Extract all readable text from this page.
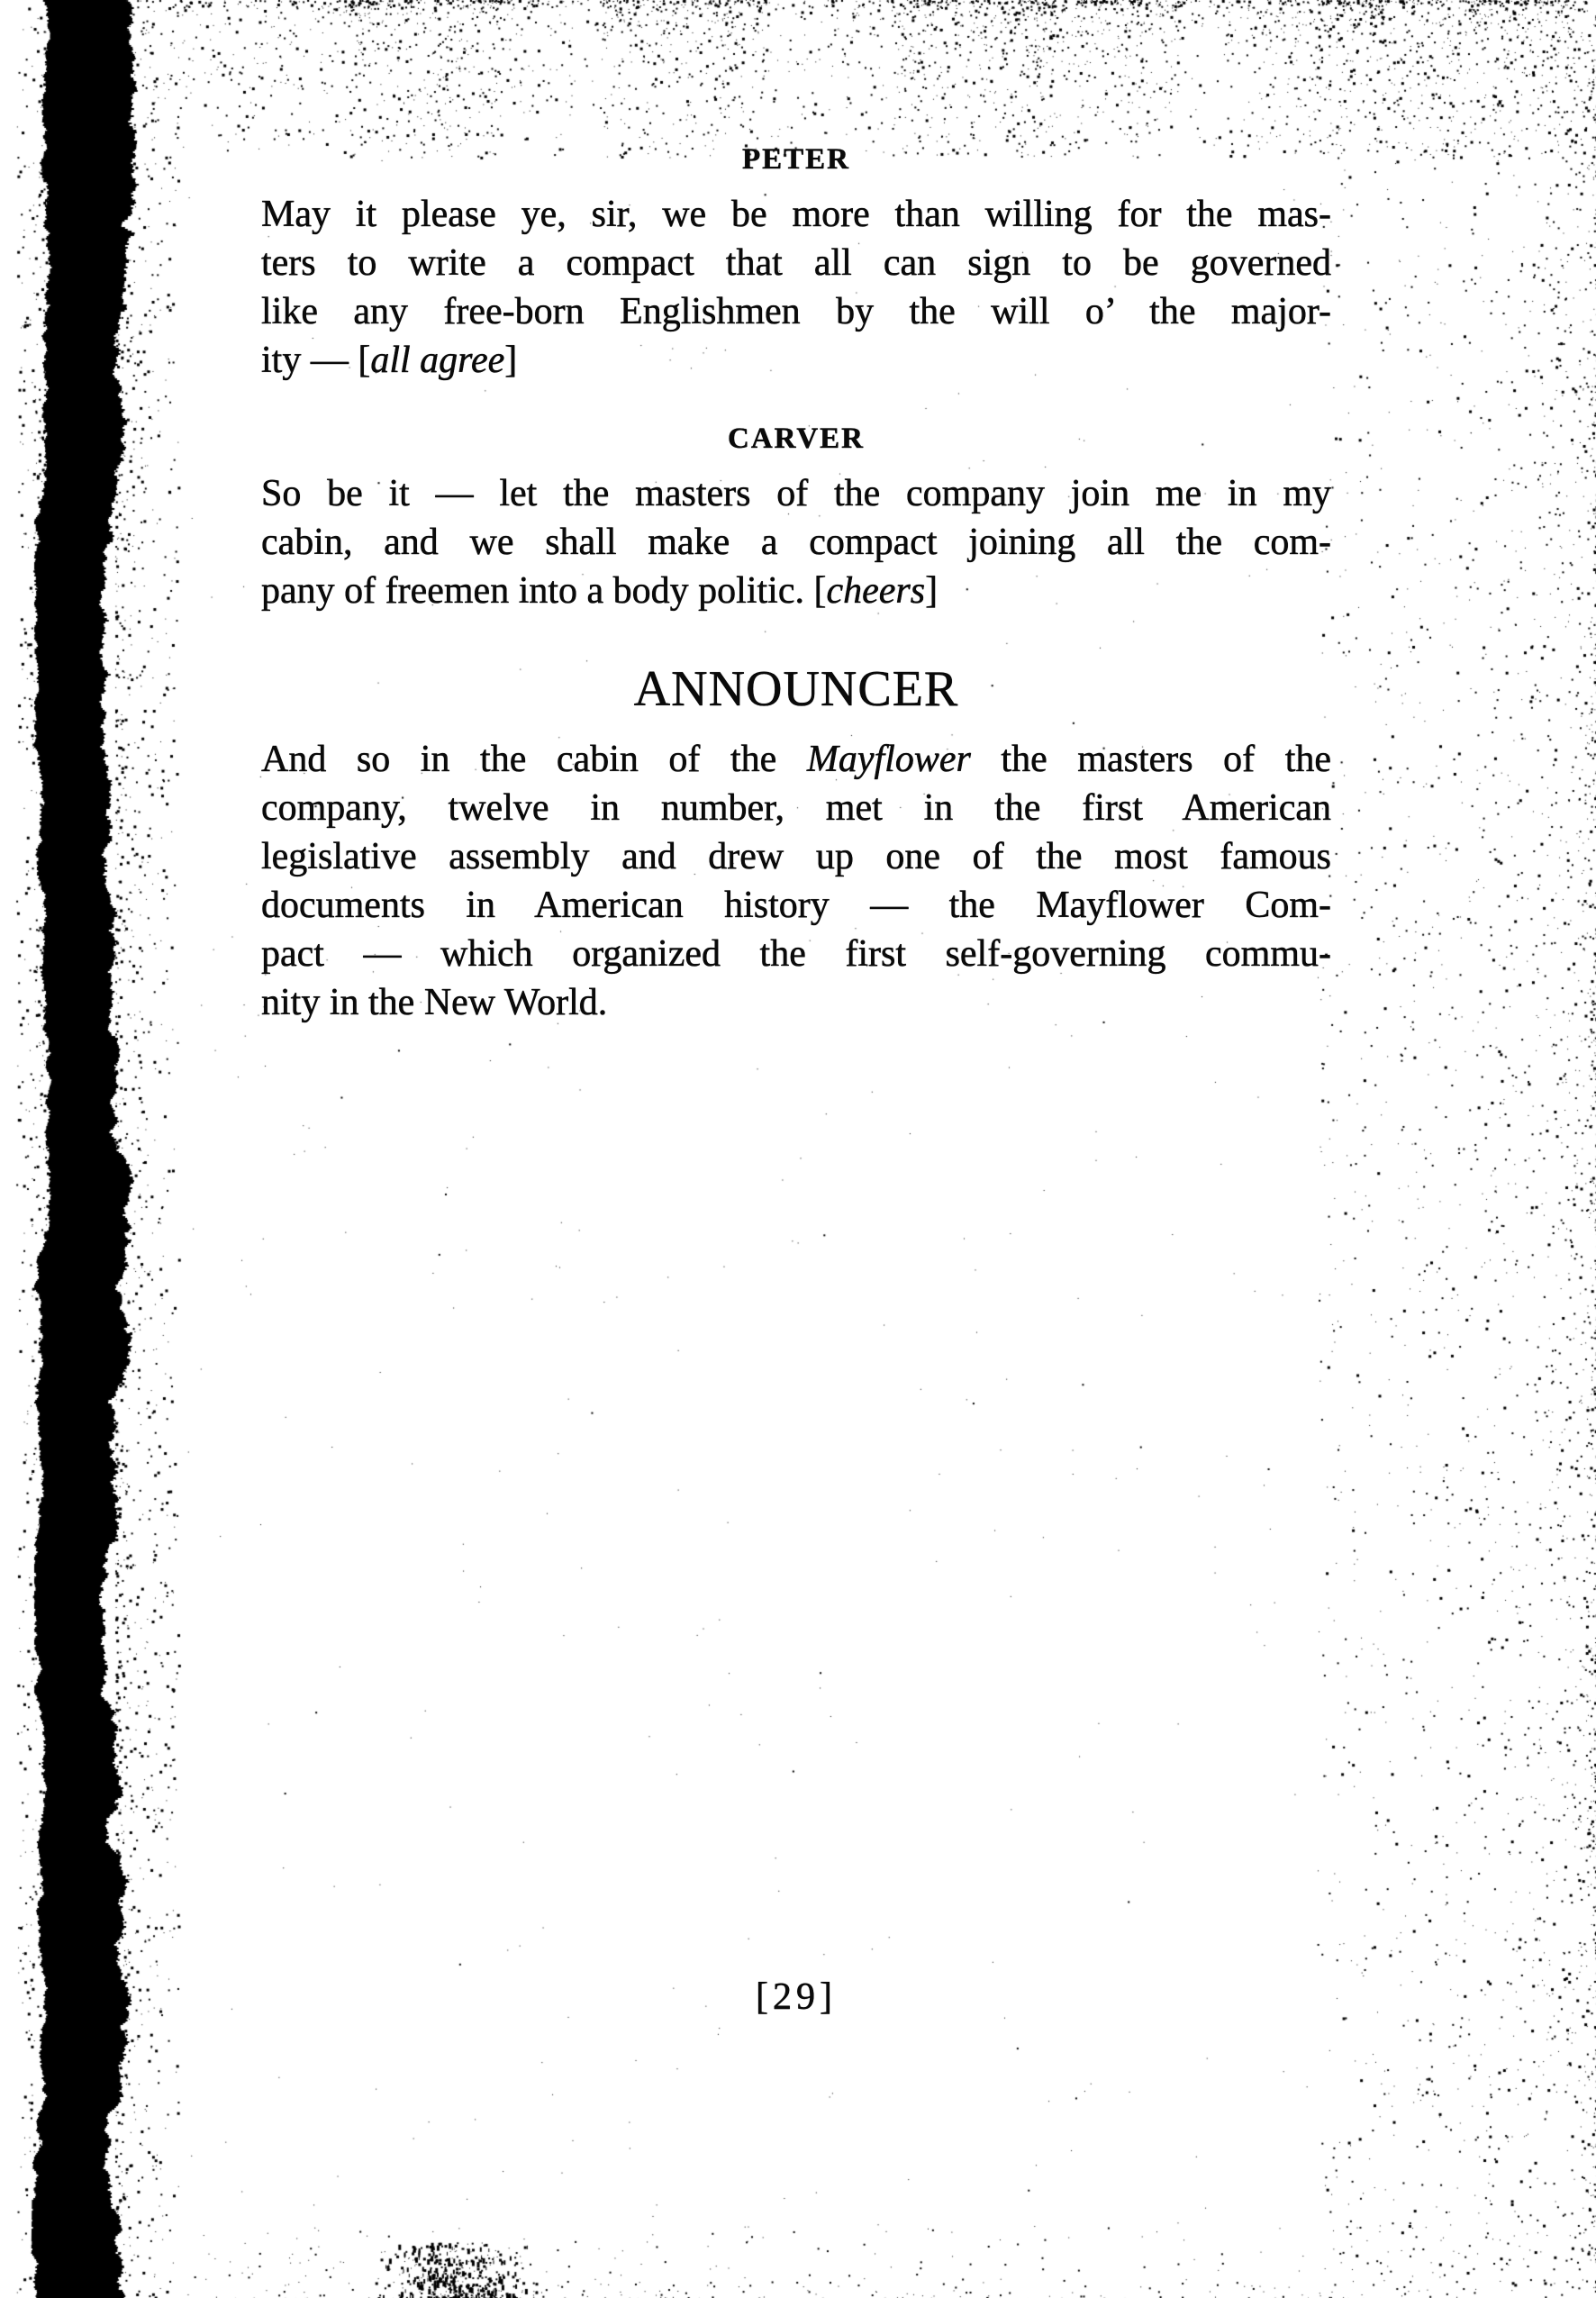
PETER
May it please ye, sir, we be more than willing for the mas-
ters to write a compact that all can sign to be governed
like any free-born Englishmen by the will o’ the major-
ity — [all agree]
CARVER
So be it — let the masters of the company join me in my
cabin, and we shall make a compact joining all the com-
pany of freemen into a body politic. [cheers]
ANNOUNCER
And so in the cabin of the Mayflower the masters of the
company, twelve in number, met in the first American
legislative assembly and drew up one of the most famous
documents in American history — the Mayflower Com-
pact — which organized the first self-governing commu-
nity in the New World.
[29]
